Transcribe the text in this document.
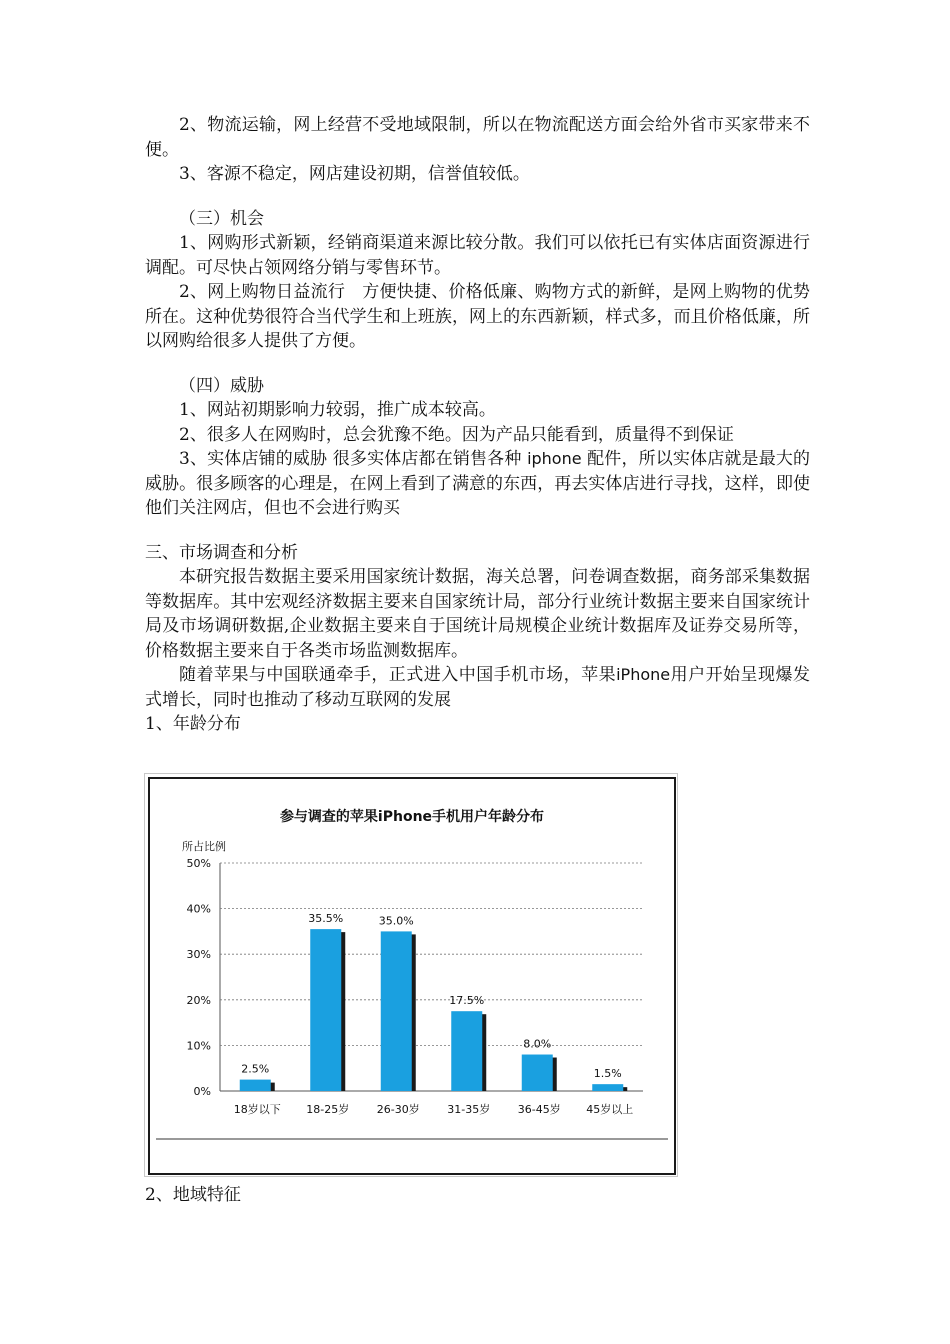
2、物流运输，网上经营不受地域限制，所以在物流配送方面会给外省市买家带来不便。

3、客源不稳定，网店建设初期，信誉值较低。

（三）机会

1、网购形式新颖，经销商渠道来源比较分散。我们可以依托已有实体店面资源进行调配。可尽快占领网络分销与零售环节。

2、网上购物日益流行　方便快捷、价格低廉、购物方式的新鲜，是网上购物的优势所在。这种优势很符合当代学生和上班族，网上的东西新颖，样式多，而且价格低廉，所以网购给很多人提供了方便。

（四）威胁

1、网站初期影响力较弱，推广成本较高。

2、很多人在网购时，总会犹豫不绝。因为产品只能看到，质量得不到保证

3、实体店铺的威胁 很多实体店都在销售各种 iphone 配件，所以实体店就是最大的威胁。很多顾客的心理是，在网上看到了满意的东西，再去实体店进行寻找，这样，即使他们关注网店，但也不会进行购买

三、市场调查和分析

本研究报告数据主要采用国家统计数据，海关总署，问卷调查数据，商务部采集数据等数据库。其中宏观经济数据主要来自国家统计局，部分行业统计数据主要来自国家统计局及市场调研数据,企业数据主要来自于国统计局规模企业统计数据库及证券交易所等，价格数据主要来自于各类市场监测数据库。

随着苹果与中国联通牵手，正式进入中国手机市场，苹果iPhone用户开始呈现爆发式增长，同时也推动了移动互联网的发展

1、年龄分布

参与调查的苹果iPhone手机用户年龄分布
所占比例
0%
10%
20%
30%
40%
50%
2.5%
18岁以下
35.5%
18-25岁
35.0%
26-30岁
17.5%
31-35岁
8.0%
36-45岁
1.5%
45岁以上

2、地域特征
